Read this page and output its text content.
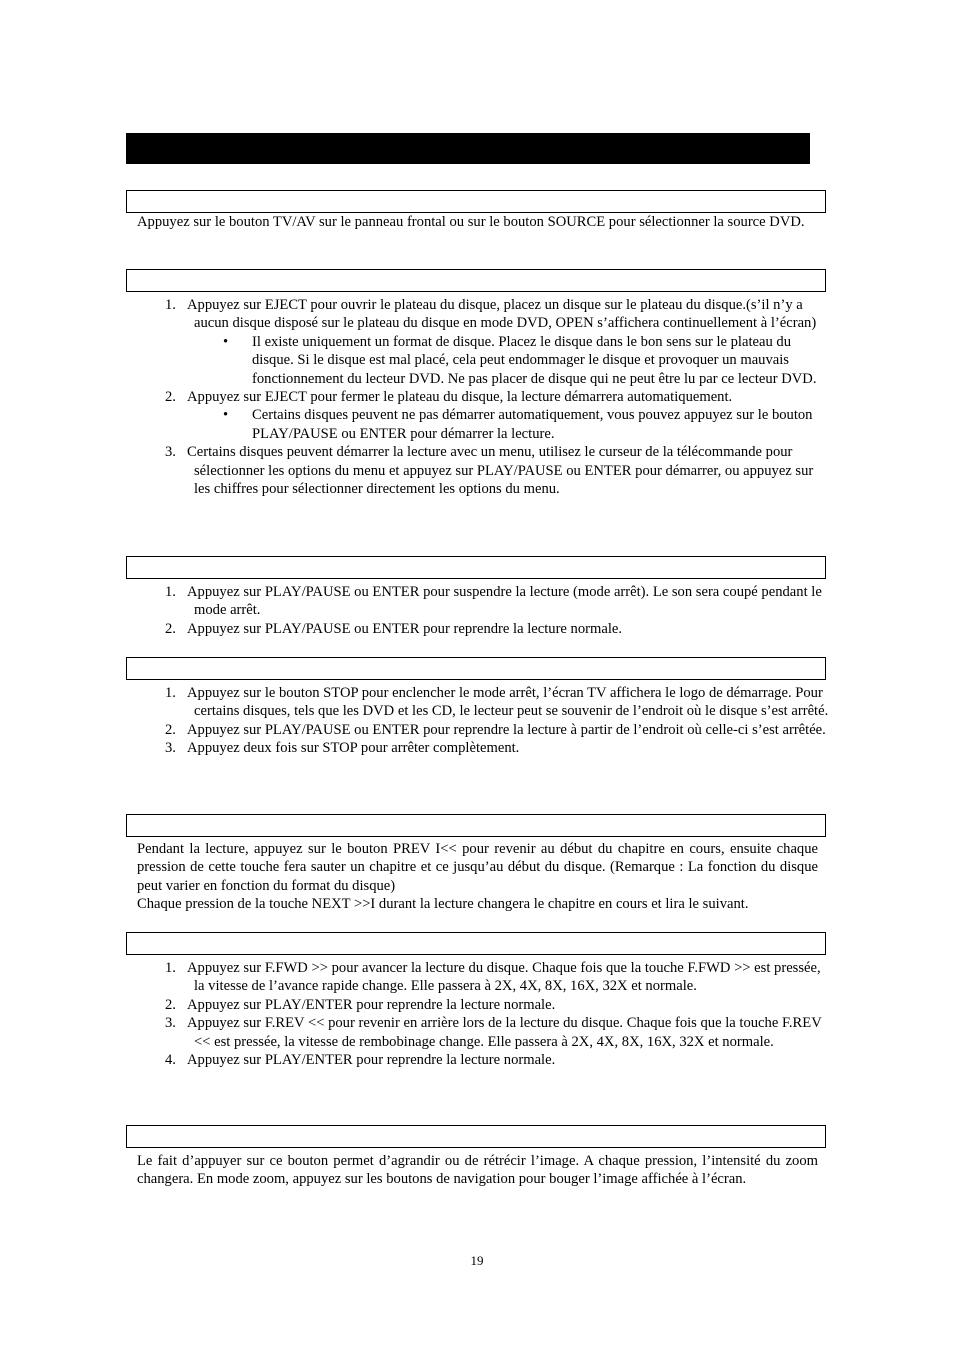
Appuyez sur le bouton TV/AV sur le panneau frontal ou sur le bouton SOURCE pour sélectionner la source DVD.

1. Appuyez sur EJECT pour ouvrir le plateau du disque, placez un disque sur le plateau du disque.(s’il n’y a aucun disque disposé sur le plateau du disque en mode DVD, OPEN s’affichera continuellement à l’écran)
• Il existe uniquement un format de disque. Placez le disque dans le bon sens sur le plateau du disque. Si le disque est mal placé, cela peut endommager le disque et provoquer un mauvais fonctionnement du lecteur DVD. Ne pas placer de disque qui ne peut être lu par ce lecteur DVD.
2. Appuyez sur EJECT pour fermer le plateau du disque, la lecture démarrera automatiquement.
• Certains disques peuvent ne pas démarrer automatiquement, vous pouvez appuyez sur le bouton PLAY/PAUSE ou ENTER pour démarrer la lecture.
3. Certains disques peuvent démarrer la lecture avec un menu, utilisez le curseur de la télécommande pour sélectionner les options du menu et appuyez sur PLAY/PAUSE ou ENTER pour démarrer, ou appuyez sur les chiffres pour sélectionner directement les options du menu.
1. Appuyez sur PLAY/PAUSE ou ENTER pour suspendre la lecture (mode arrêt). Le son sera coupé pendant le mode arrêt.
2. Appuyez sur PLAY/PAUSE ou ENTER pour reprendre la lecture normale.
1. Appuyez sur le bouton STOP pour enclencher le mode arrêt, l’écran TV affichera le logo de démarrage. Pour certains disques, tels que les DVD et les CD, le lecteur peut se souvenir de l’endroit où le disque s’est arrêté.
2. Appuyez sur PLAY/PAUSE ou ENTER pour reprendre la lecture à partir de l’endroit où celle-ci s’est arrêtée.
3. Appuyez deux fois sur STOP pour arrêter complètement.

Pendant la lecture, appuyez sur le bouton PREV I<< pour revenir au début du chapitre en cours, ensuite chaque pression de cette touche fera sauter un chapitre et ce jusqu’au début du disque. (Remarque : La fonction du disque peut varier en fonction du format du disque)

Chaque pression de la touche NEXT >>I durant la lecture changera le chapitre en cours et lira le suivant.

1. Appuyez sur F.FWD >> pour avancer la lecture du disque. Chaque fois que la touche F.FWD >> est pressée, la vitesse de l’avance rapide change. Elle passera à 2X, 4X, 8X, 16X, 32X et normale.
2. Appuyez sur PLAY/ENTER pour reprendre la lecture normale.
3. Appuyez sur F.REV << pour revenir en arrière lors de la lecture du disque. Chaque fois que la touche F.REV << est pressée, la vitesse de rembobinage change. Elle passera à 2X, 4X, 8X, 16X, 32X et normale.
4. Appuyez sur PLAY/ENTER pour reprendre la lecture normale.

Le fait d’appuyer sur ce bouton permet d’agrandir ou de rétrécir l’image. A chaque pression, l’intensité du zoom changera. En mode zoom, appuyez sur les boutons de navigation pour bouger l’image affichée à l’écran.

19
